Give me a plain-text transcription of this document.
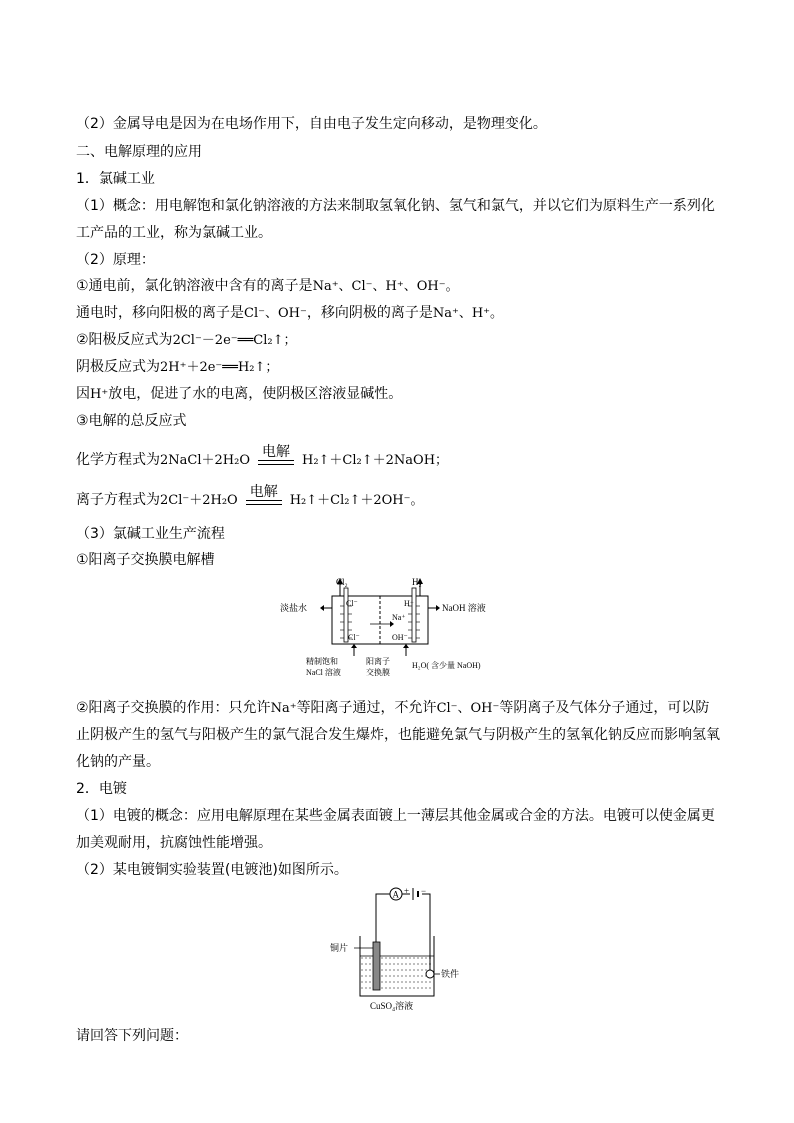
（2）金属导电是因为在电场作用下，自由电子发生定向移动，是物理变化。
二、电解原理的应用
1．氯碱工业
（1）概念：用电解饱和氯化钠溶液的方法来制取氢氧化钠、氢气和氯气，并以它们为原料生产一系列化
工产品的工业，称为氯碱工业。
（2）原理：
①通电前，氯化钠溶液中含有的离子是Na⁺、Cl⁻、H⁺、OH⁻。
通电时，移向阳极的离子是Cl⁻、OH⁻，移向阴极的离子是Na⁺、H⁺。
②阳极反应式为2Cl⁻－2e⁻══Cl₂↑；
阴极反应式为2H⁺＋2e⁻══H₂↑；
因H⁺放电，促进了水的电离，使阴极区溶液显碱性。
③电解的总反应式
化学方程式为2NaCl＋2H₂O
电解
H₂↑＋Cl₂↑＋2NaOH；
离子方程式为2Cl⁻＋2H₂O
电解
H₂↑＋Cl₂↑＋2OH⁻。
（3）氯碱工业生产流程
①阳离子交换膜电解槽
Cl₂	H₂
淡盐水	NaOH 溶液
Cl⁻	H⁺
Na⁺
Cl⁻	OH⁻
精制饱和
NaCl 溶液
阳离子
交换膜
H₂O( 含少量 NaOH)
②阳离子交换膜的作用：只允许Na⁺等阳离子通过，不允许Cl⁻、OH⁻等阴离子及气体分子通过，可以防
止阴极产生的氢气与阳极产生的氯气混合发生爆炸，也能避免氯气与阴极产生的氢氧化钠反应而影响氢氧
化钠的产量。
2．电镀
（1）电镀的概念：应用电解原理在某些金属表面镀上一薄层其他金属或合金的方法。电镀可以使金属更
加美观耐用，抗腐蚀性能增强。
（2）某电镀铜实验装置(电镀池)如图所示。
A + −
铜片
铁件
CuSO₄溶液
请回答下列问题：
